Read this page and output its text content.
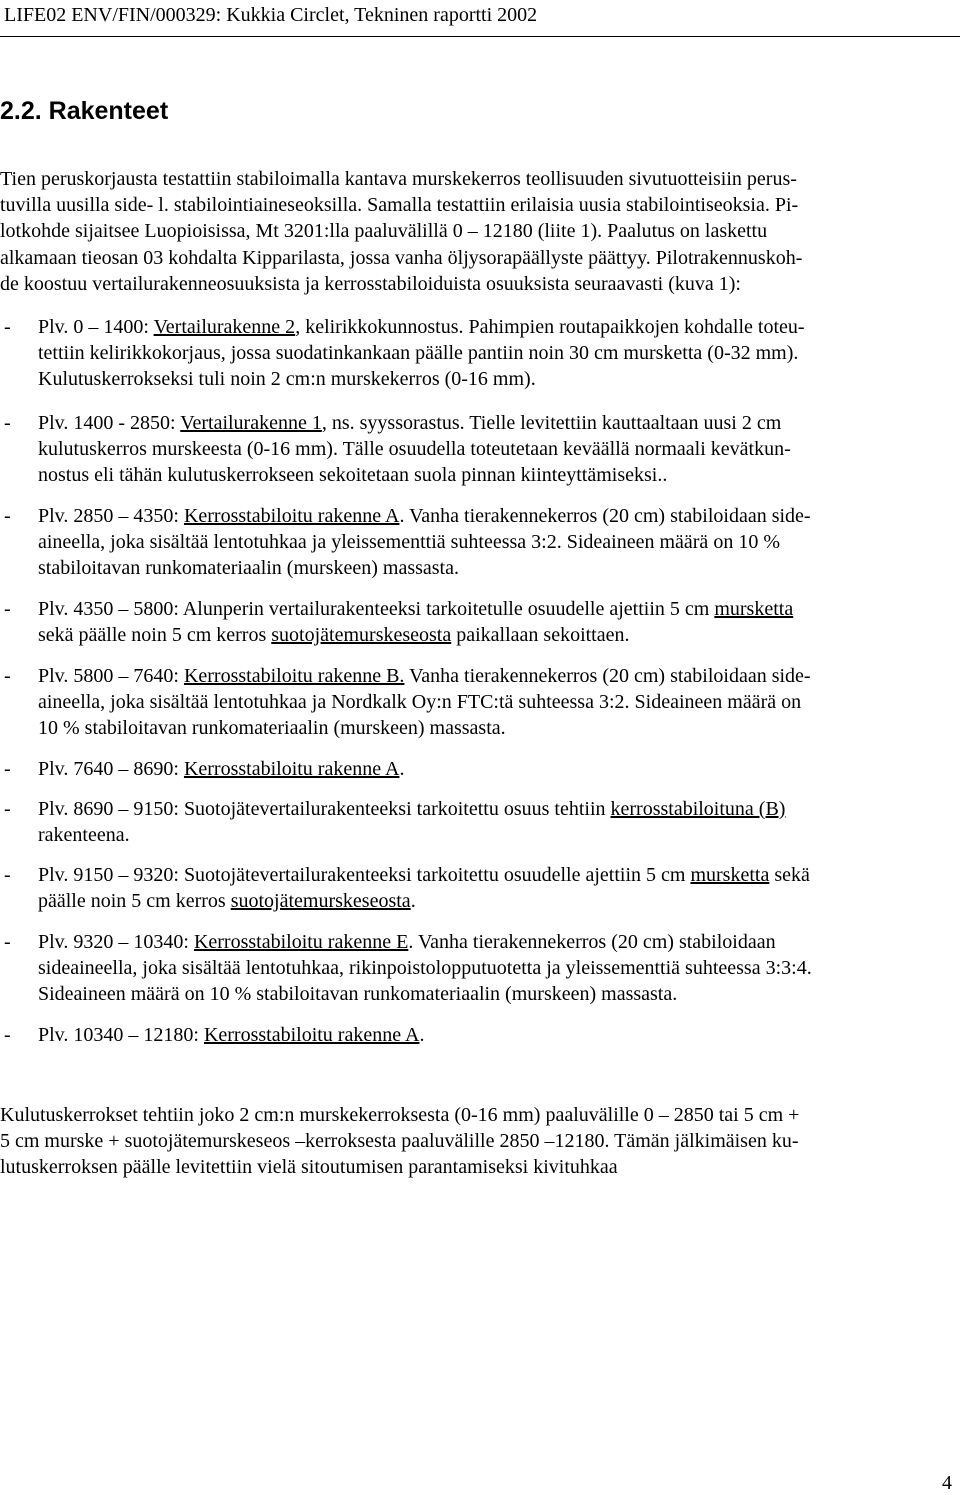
LIFE02 ENV/FIN/000329: Kukkia Circlet, Tekninen raportti 2002
2.2. Rakenteet
Tien peruskorjausta testattiin stabiloimalla kantava murskekerros teollisuuden sivutuotteisiin perus-
tuvilla uusilla side- l. stabilointiaineseoksilla. Samalla testattiin erilaisia uusia stabilointiseoksia. Pi-
lotkohde sijaitsee Luopioisissa, Mt 3201:lla paaluvälillä 0 – 12180 (liite 1). Paalutus on laskettu
alkamaan tieosan 03 kohdalta Kipparilasta, jossa vanha öljysorapäällyste päättyy. Pilotrakennuskoh-
de koostuu vertailurakenneosuuksista ja kerrosstabiloiduista osuuksista seuraavasti (kuva 1):
- Plv. 0 – 1400: Vertailurakenne 2, kelirikkokunnostus. Pahimpien routapaikkojen kohdalle toteu-
tettiin kelirikkokorjaus, jossa suodatinkankaan päälle pantiin noin 30 cm mursketta (0-32 mm).
Kulutuskerrokseksi tuli noin 2 cm:n murskekerros (0-16 mm).
- Plv. 1400 - 2850: Vertailurakenne 1, ns. syyssorastus. Tielle levitettiin kauttaaltaan uusi 2 cm
kulutuskerros murskeesta (0-16 mm). Tälle osuudella toteutetaan keväällä normaali kevätkun-
nostus eli tähän kulutuskerrokseen sekoitetaan suola pinnan kiinteyttämiseksi..
- Plv. 2850 – 4350: Kerrosstabiloitu rakenne A. Vanha tierakennekerros (20 cm) stabiloidaan side-
aineella, joka sisältää lentotuhkaa ja yleissementtiä suhteessa 3:2. Sideaineen määrä on 10 %
stabiloitavan runkomateriaalin (murskeen) massasta.
- Plv. 4350 – 5800: Alunperin vertailurakenteeksi tarkoitetulle osuudelle ajettiin 5 cm mursketta
sekä päälle noin 5 cm kerros suotojätemurskeseosta paikallaan sekoittaen.
- Plv. 5800 – 7640: Kerrosstabiloitu rakenne B. Vanha tierakennekerros (20 cm) stabiloidaan side-
aineella, joka sisältää lentotuhkaa ja Nordkalk Oy:n FTC:tä suhteessa 3:2. Sideaineen määrä on
10 % stabiloitavan runkomateriaalin (murskeen) massasta.
- Plv. 7640 – 8690: Kerrosstabiloitu rakenne A.
- Plv. 8690 – 9150: Suotojätevertailurakenteeksi tarkoitettu osuus tehtiin kerrosstabiloituna (B)
rakenteena.
- Plv. 9150 – 9320: Suotojätevertailurakenteeksi tarkoitettu osuudelle ajettiin 5 cm mursketta sekä
päälle noin 5 cm kerros suotojätemurskeseosta.
- Plv. 9320 – 10340: Kerrosstabiloitu rakenne E. Vanha tierakennekerros (20 cm) stabiloidaan
sideaineella, joka sisältää lentotuhkaa, rikinpoistolopputuotetta ja yleissementtiä suhteessa 3:3:4.
Sideaineen määrä on 10 % stabiloitavan runkomateriaalin (murskeen) massasta.
- Plv. 10340 – 12180: Kerrosstabiloitu rakenne A.
Kulutuskerrokset tehtiin joko 2 cm:n murskekerroksesta (0-16 mm) paaluvälille 0 – 2850 tai 5 cm +
5 cm murske + suotojätemurskeseos –kerroksesta paaluvälille 2850 –12180. Tämän jälkimäisen ku-
lutuskerroksen päälle levitettiin vielä sitoutumisen parantamiseksi kivituhkaa
4
